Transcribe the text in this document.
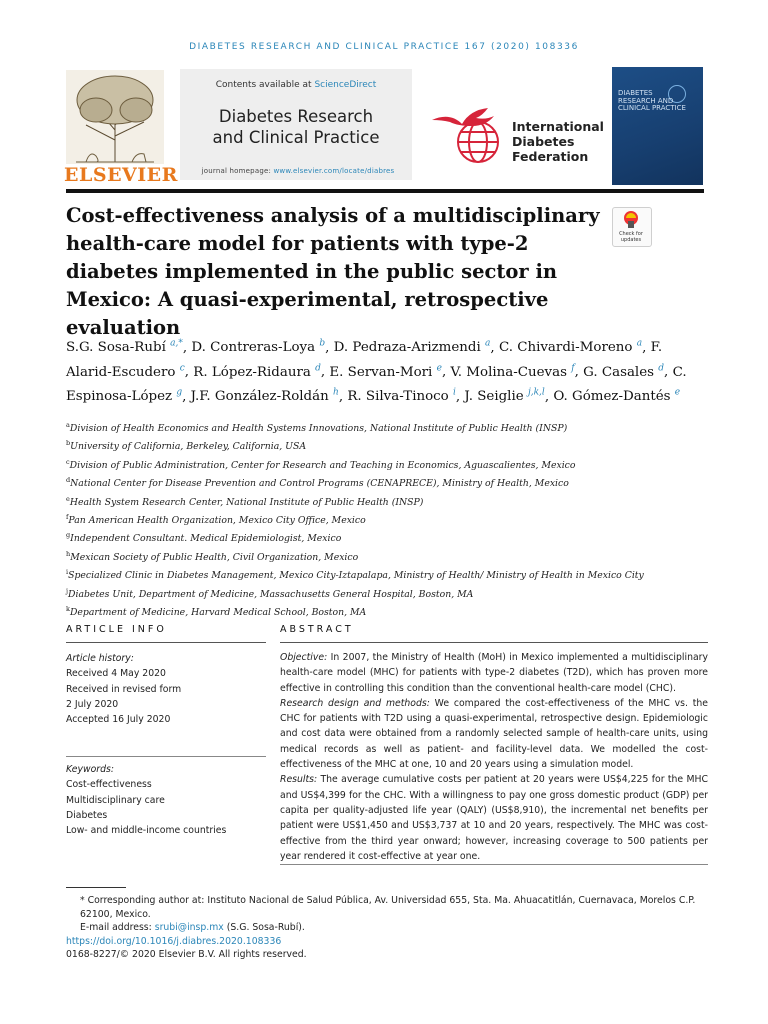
DIABETES RESEARCH AND CLINICAL PRACTICE 167 (2020) 108336
ELSEVIER
Contents available at ScienceDirect
Diabetes Research
and Clinical Practice
journal homepage: www.elsevier.com/locate/diabres
International
Diabetes
Federation
DIABETES
RESEARCH AND
CLINICAL PRACTICE
Cost-effectiveness analysis of a multidisciplinary health-care model for patients with type-2 diabetes implemented in the public sector in Mexico: A quasi-experimental, retrospective evaluation
Check for
updates
S.G. Sosa-Rubí $^{a,*}$, D. Contreras-Loya $^b$, D. Pedraza-Arizmendi $^a$, C. Chivardi-Moreno $^a$, F. Alarid-Escudero $^c$, R. López-Ridaura $^d$, E. Servan-Mori $^e$, V. Molina-Cuevas $^f$, G. Casales $^d$, C. Espinosa-López $^g$, J.F. González-Roldán $^h$, R. Silva-Tinoco $^i$, J. Seiglie $^{j,k,l}$, O. Gómez-Dantés $^e$
$^a$Division of Health Economics and Health Systems Innovations, National Institute of Public Health (INSP)
$^b$University of California, Berkeley, California, USA
$^c$Division of Public Administration, Center for Research and Teaching in Economics, Aguascalientes, Mexico
$^d$National Center for Disease Prevention and Control Programs (CENAPRECE), Ministry of Health, Mexico
$^e$Health System Research Center, National Institute of Public Health (INSP)
$^f$Pan American Health Organization, Mexico City Office, Mexico
$^g$Independent Consultant. Medical Epidemiologist, Mexico
$^h$Mexican Society of Public Health, Civil Organization, Mexico
$^i$Specialized Clinic in Diabetes Management, Mexico City-Iztapalapa, Ministry of Health/ Ministry of Health in Mexico City
$^j$Diabetes Unit, Department of Medicine, Massachusetts General Hospital, Boston, MA
$^k$Department of Medicine, Harvard Medical School, Boston, MA
ARTICLE INFO
Article history:
Received 4 May 2020
Received in revised form
2 July 2020
Accepted 16 July 2020
Keywords:
Cost-effectiveness
Multidisciplinary care
Diabetes
Low- and middle-income countries
ABSTRACT
Objective: In 2007, the Ministry of Health (MoH) in Mexico implemented a multidisciplinary health-care model (MHC) for patients with type-2 diabetes (T2D), which has proven more effective in controlling this condition than the conventional health-care model (CHC).
Research design and methods: We compared the cost-effectiveness of the MHC vs. the CHC for patients with T2D using a quasi-experimental, retrospective design. Epidemiologic and cost data were obtained from a randomly selected sample of health-care units, using medical records as well as patient- and facility-level data. We modelled the cost-effectiveness of the MHC at one, 10 and 20 years using a simulation model.
Results: The average cumulative costs per patient at 20 years were US$4,225 for the MHC and US$4,399 for the CHC. With a willingness to pay one gross domestic product (GDP) per capita per quality-adjusted life year (QALY) (US$8,910), the incremental net benefits per patient were US$1,450 and US$3,737 at 10 and 20 years, respectively. The MHC was cost-effective from the third year onward; however, increasing coverage to 500 patients per year rendered it cost-effective at year one.
* Corresponding author at: Instituto Nacional de Salud Pública, Av. Universidad 655, Sta. Ma. Ahuacatitlán, Cuernavaca, Morelos C.P. 62100, Mexico.
E-mail address: srubi@insp.mx (S.G. Sosa-Rubí).
https://doi.org/10.1016/j.diabres.2020.108336
0168-8227/© 2020 Elsevier B.V. All rights reserved.
